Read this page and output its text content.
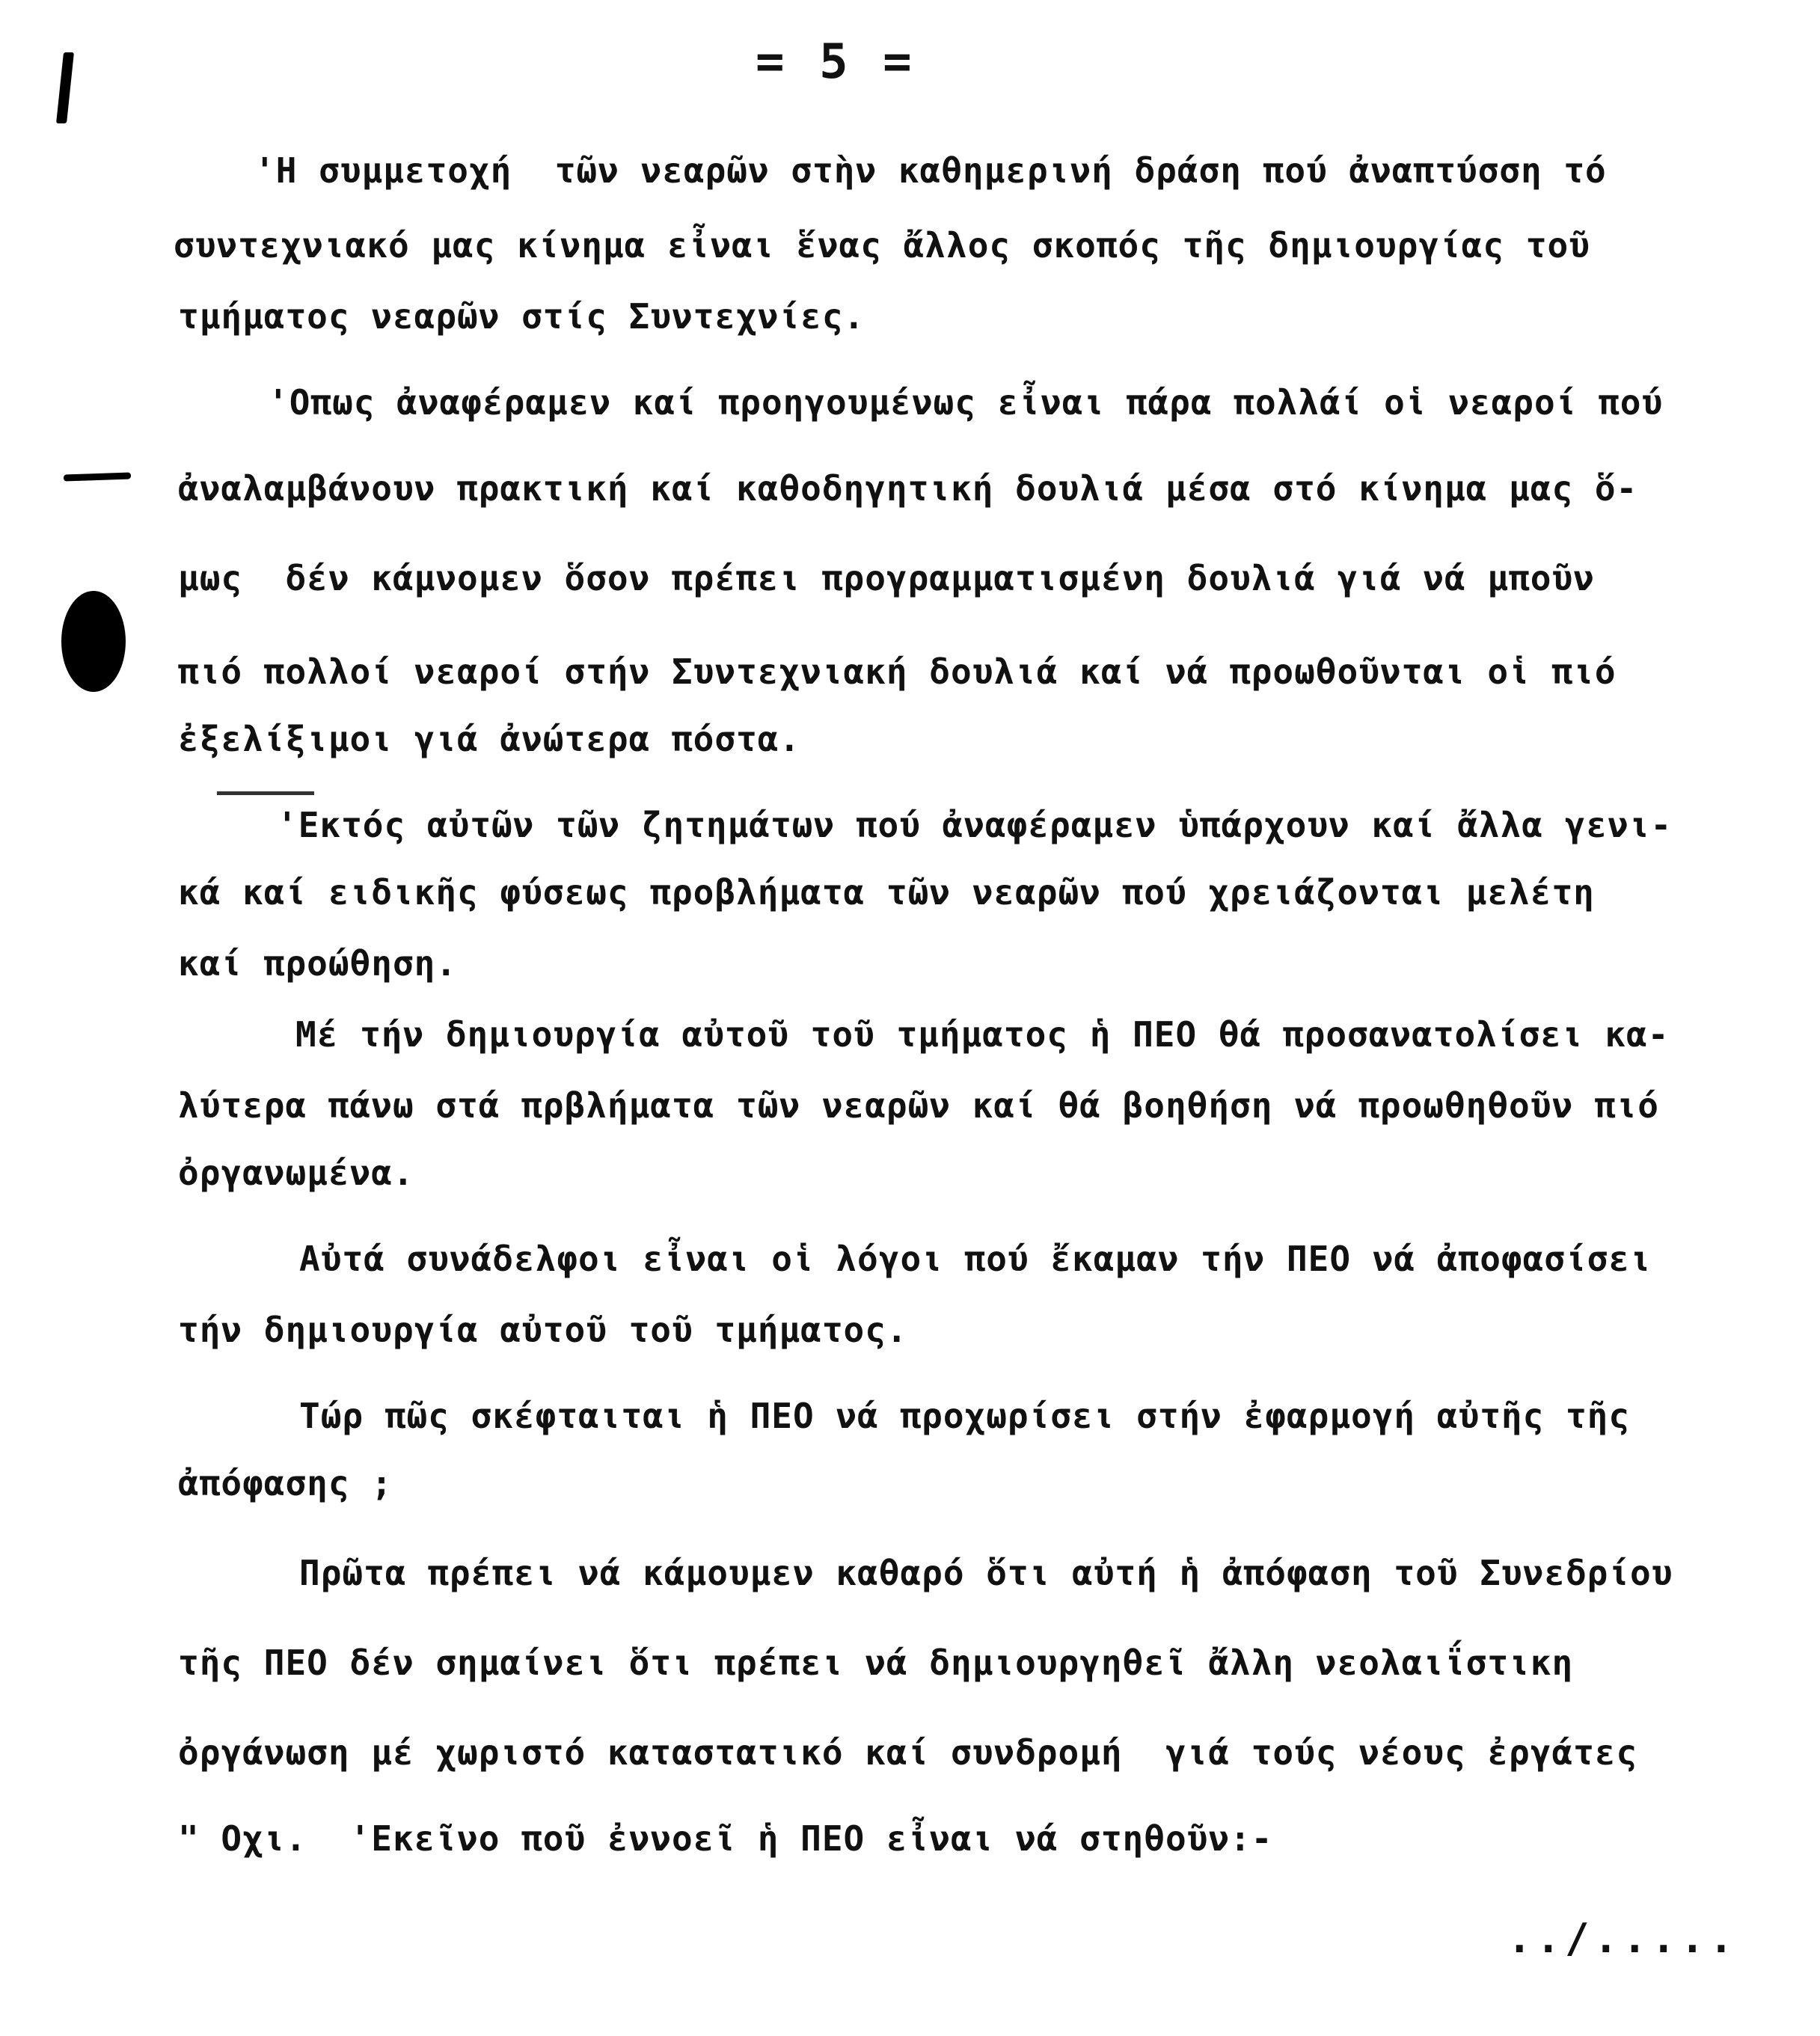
= 5 =
'Η συμμετοχή  τῶν νεαρῶν στὴν καθημερινή δράση πού ἀναπτύσση τό
συντεχνιακό μας κίνημα εἶναι ἕνας ἄλλος σκοπός τῆς δημιουργίας τοῦ
τμήματος νεαρῶν στίς Συντεχνίες.
'Οπως ἀναφέραμεν καί προηγουμένως εἶναι πάρα πολλάί οἱ νεαροί πού
ἀναλαμβάνουν πρακτική καί καθοδηγητική δουλιά μέσα στό κίνημα μας ὅ-
μως  δέν κάμνομεν ὅσον πρέπει προγραμματισμένη δουλιά γιά νά μποῦν
πιό πολλοί νεαροί στήν Συντεχνιακή δουλιά καί νά προωθοῦνται οἱ πιό
ἐξελίξιμοι γιά ἀνώτερα πόστα.
'Εκτός αὐτῶν τῶν ζητημάτων πού ἀναφέραμεν ὑπάρχουν καί ἄλλα γενι-
κά καί ειδικῆς φύσεως προβλήματα τῶν νεαρῶν πού χρειάζονται μελέτη
καί προώθηση.
Μέ τήν δημιουργία αὐτοῦ τοῦ τμήματος ἡ ΠΕΟ θά προσανατολίσει κα-
λύτερα πάνω στά πρβλήματα τῶν νεαρῶν καί θά βοηθήση νά προωθηθοῦν πιό
ὀργανωμένα.
Αὐτά συνάδελφοι εἶναι οἱ λόγοι πού ἔκαμαν τήν ΠΕΟ νά ἀποφασίσει
τήν δημιουργία αὐτοῦ τοῦ τμήματος.
Τώρ πῶς σκέφταιται ἡ ΠΕΟ νά προχωρίσει στήν ἐφαρμογή αὐτῆς τῆς
ἀπόφασης ;
Πρῶτα πρέπει νά κάμουμεν καθαρό ὅτι αὐτή ἡ ἀπόφαση τοῦ Συνεδρίου
τῆς ΠΕΟ δέν σημαίνει ὅτι πρέπει νά δημιουργηθεῖ ἄλλη νεολαιΐστικη
ὀργάνωση μέ χωριστό καταστατικό καί συνδρομή  γιά τούς νέους ἐργάτες
" Οχι.  'Εκεῖνο ποῦ ἐννοεῖ ἡ ΠΕΟ εἶναι νά στηθοῦν:-
../.....
